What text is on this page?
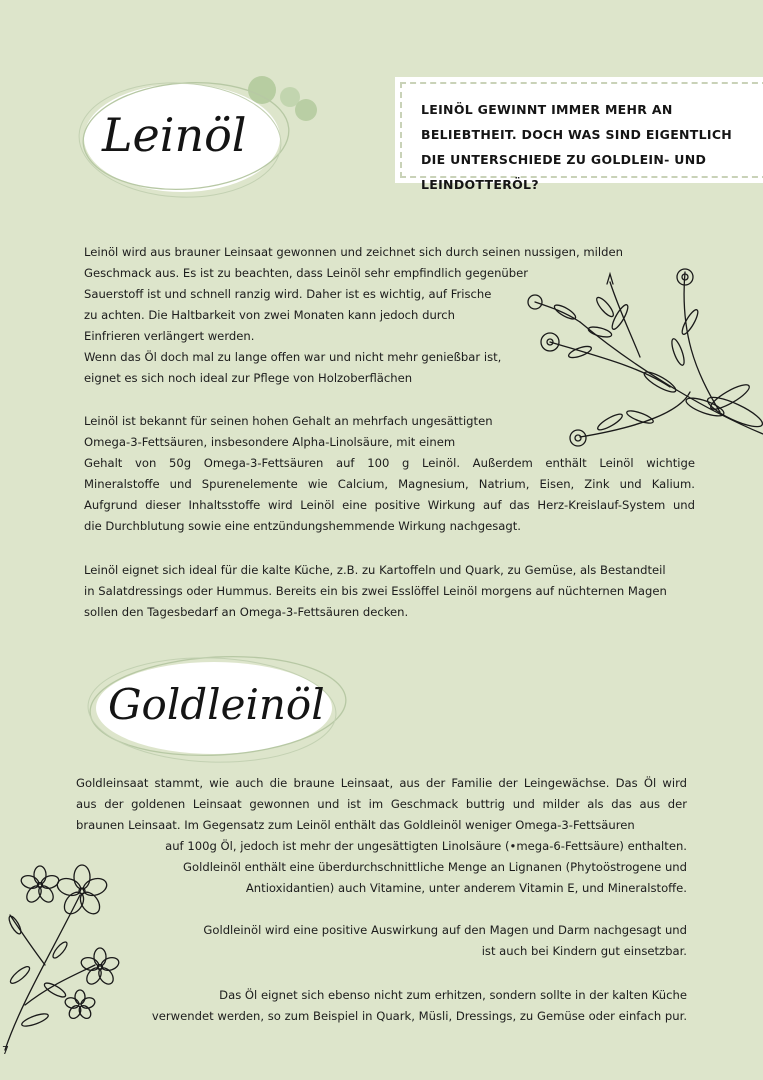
Leinöl	LEINÖL GEWINNT IMMER MEHR AN BELIEBTHEIT. DOCH WAS SIND EIGENTLICH DIE UNTERSCHIEDE ZU GOLDLEIN- UND LEINDOTTERÖL?
Leinöl wird aus brauner Leinsaat gewonnen und zeichnet sich durch seinen nussigen, milden
Geschmack aus. Es ist zu beachten, dass Leinöl sehr empfindlich gegenüber
Sauerstoff ist und schnell ranzig wird. Daher ist es wichtig, auf Frische
zu achten. Die Haltbarkeit von zwei Monaten kann jedoch durch
Einfrieren verlängert werden.
Wenn das Öl doch mal zu lange offen war und nicht mehr genießbar ist,
eignet es sich noch ideal zur Pflege von Holzoberflächen
Leinöl ist bekannt für seinen hohen Gehalt an mehrfach ungesättigten
Omega-3-Fettsäuren, insbesondere Alpha-Linolsäure, mit einem
Gehalt von 50g Omega-3-Fettsäuren auf 100 g Leinöl. Außerdem enthält Leinöl wichtige
Mineralstoffe und Spurenelemente wie Calcium, Magnesium, Natrium, Eisen, Zink und Kalium.
Aufgrund dieser Inhaltsstoffe wird Leinöl eine positive Wirkung auf das Herz-Kreislauf-System und
die Durchblutung sowie eine entzündungshemmende Wirkung nachgesagt.
Leinöl eignet sich ideal für die kalte Küche, z.B. zu Kartoffeln und Quark, zu Gemüse, als Bestandteil
in Salatdressings oder Hummus. Bereits ein bis zwei Esslöffel Leinöl morgens auf nüchternen Magen
sollen den Tagesbedarf an Omega-3-Fettsäuren decken.
Goldleinöl
Goldleinsaat stammt, wie auch die braune Leinsaat, aus der Familie der Leingewächse. Das Öl wird
aus der goldenen Leinsaat gewonnen und ist im Geschmack buttrig und milder als das aus der
braunen Leinsaat. Im Gegensatz zum Leinöl enthält das Goldleinöl weniger Omega-3-Fettsäuren
auf 100g Öl, jedoch ist mehr der ungesättigten Linolsäure (•mega-6-Fettsäure) enthalten.
Goldleinöl enthält eine überdurchschnittliche Menge an Lignanen (Phytoöstrogene und
Antioxidantien) auch Vitamine, unter anderem Vitamin E, und Mineralstoffe.
Goldleinöl wird eine positive Auswirkung auf den Magen und Darm nachgesagt und
ist auch bei Kindern gut einsetzbar.
Das Öl eignet sich ebenso nicht zum erhitzen, sondern sollte in der kalten Küche
verwendet werden, so zum Beispiel in Quark, Müsli, Dressings, zu Gemüse oder einfach pur.
7
